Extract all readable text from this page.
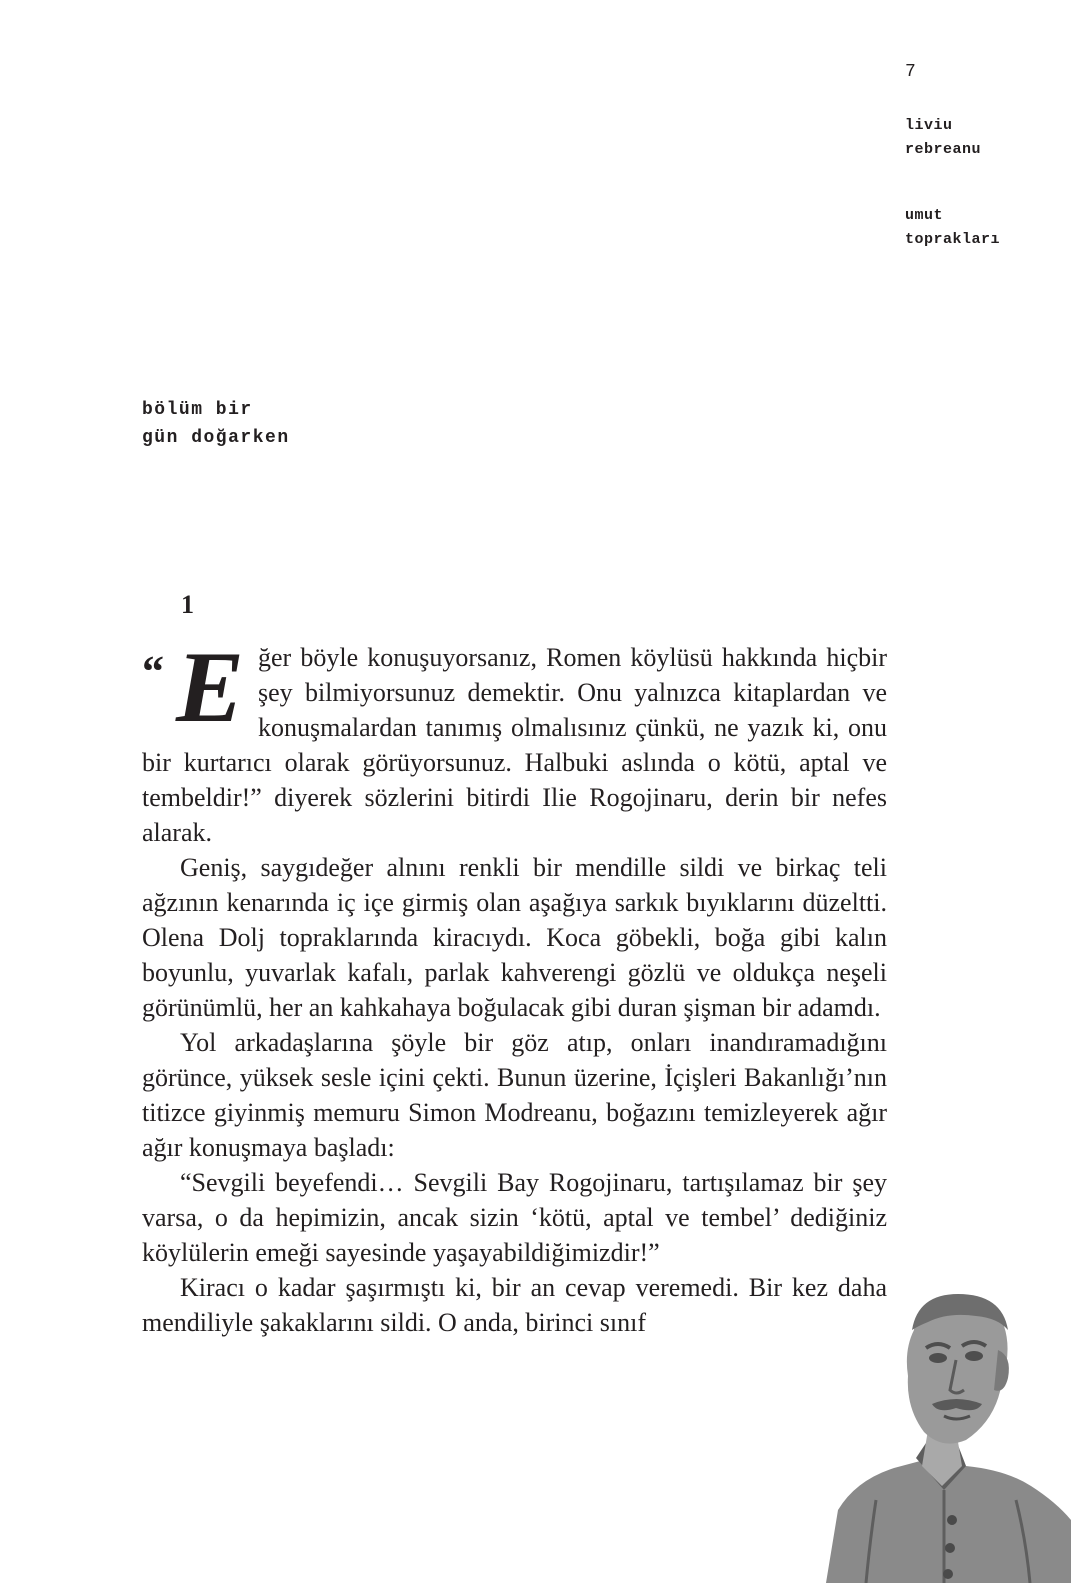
7
liviu
rebreanu
umut
toprakları
bölüm bir
gün doğarken
1

“ E ğer böyle konuşuyorsanız, Romen köylüsü hakkında hiçbir şey bilmiyorsunuz demektir. Onu yalnızca kitaplardan ve konuşmalardan tanımış olmalısınız çünkü, ne yazık ki, onu bir kurtarıcı olarak görüyorsunuz. Halbuki aslında o kötü, aptal ve tembeldir!” diyerek sözlerini bitirdi Ilie Rogojinaru, derin bir nefes alarak.

Geniş, saygıdeğer alnını renkli bir mendille sildi ve birkaç teli ağzının kenarında iç içe girmiş olan aşağıya sarkık bıyıklarını düzeltti. Olena Dolj topraklarında kiracıydı. Koca göbekli, boğa gibi kalın boyunlu, yuvarlak kafalı, parlak kahverengi gözlü ve oldukça neşeli görünümlü, her an kahkahaya boğulacak gibi duran şişman bir adamdı.

Yol arkadaşlarına şöyle bir göz atıp, onları inandıramadığını görünce, yüksek sesle içini çekti. Bunun üzerine, İçişleri Bakanlığı’nın titizce giyinmiş memuru Simon Modreanu, boğazını temizleyerek ağır ağır konuşmaya başladı:

“Sevgili beyefendi… Sevgili Bay Rogojinaru, tartışılamaz bir şey varsa, o da hepimizin, ancak sizin ‘kötü, aptal ve tembel’ dediğiniz köylülerin emeği sayesinde yaşayabildiğimizdir!”

Kiracı o kadar şaşırmıştı ki, bir an cevap veremedi. Bir kez daha mendiliyle şakaklarını sildi. O anda, birinci sınıf
